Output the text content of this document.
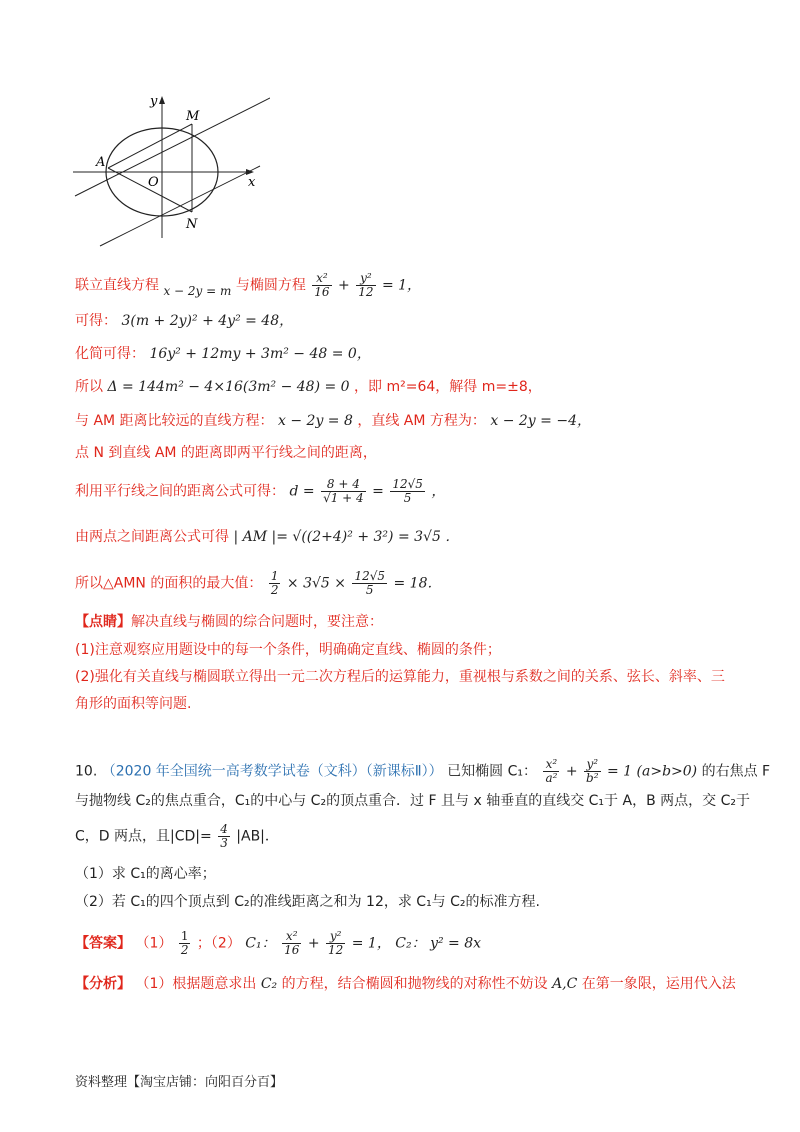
y
x
M
A
O
N
联立直线方程 x − 2y = m 与椭圆方程 $\frac{\text{x²}}{16} + \frac{\text{y²}}{12} = 1$，
可得： 3(m + 2y)² + 4y² = 48，
化简可得： 16y² + 12my + 3m² − 48 = 0，
所以 Δ = 144m² − 4×16(3m² − 48) = 0 ，即 m²=64，解得 m=±8，
与 AM 距离比较远的直线方程： x − 2y = 8 ，直线 AM 方程为： x − 2y = −4，
点 N 到直线 AM 的距离即两平行线之间的距离，
利用平行线之间的距离公式可得： $d = \frac{8 + 4}{√1 + 4} = \frac{12√5}{5}$ ，
由两点之间距离公式可得 | AM |= √((2+4)² + 3²) = 3√5 ．
所以△AMN 的面积的最大值： $\frac{1}{2} \times 3√5 \times \frac{12√5}{5} = 18$．
【点睛】解决直线与椭圆的综合问题时，要注意：
(1)注意观察应用题设中的每一个条件，明确确定直线、椭圆的条件；
(2)强化有关直线与椭圆联立得出一元二次方程后的运算能力，重视根与系数之间的关系、弦长、斜率、三
角形的面积等问题.
10. （2020 年全国统一高考数学试卷（文科）（新课标Ⅱ）） 已知椭圆 C₁： $\frac{\text{x²}}{\text{a²}} + \frac{\text{y²}}{\text{b²}} = 1$ (a>b>0) 的右焦点 F
与抛物线 C₂的焦点重合，C₁的中心与 C₂的顶点重合．过 F 且与 x 轴垂直的直线交 C₁于 A，B 两点，交 C₂于
C，D 两点，且$|CD|= \frac{4}{3} |AB|$．
（1）求 C₁的离心率；
（2）若 C₁的四个顶点到 C₂的准线距离之和为 12，求 C₁与 C₂的标准方程.
【答案】 $(1) \frac{1}{2}$ ；（2） C₁： $\frac{\text{x²}}{16} + \frac{\text{y²}}{12} = 1$， C₂： y² = 8x
【分析】 （1）根据题意求出 C₂ 的方程，结合椭圆和抛物线的对称性不妨设 A,C 在第一象限，运用代入法
资料整理【淘宝店铺：向阳百分百】
